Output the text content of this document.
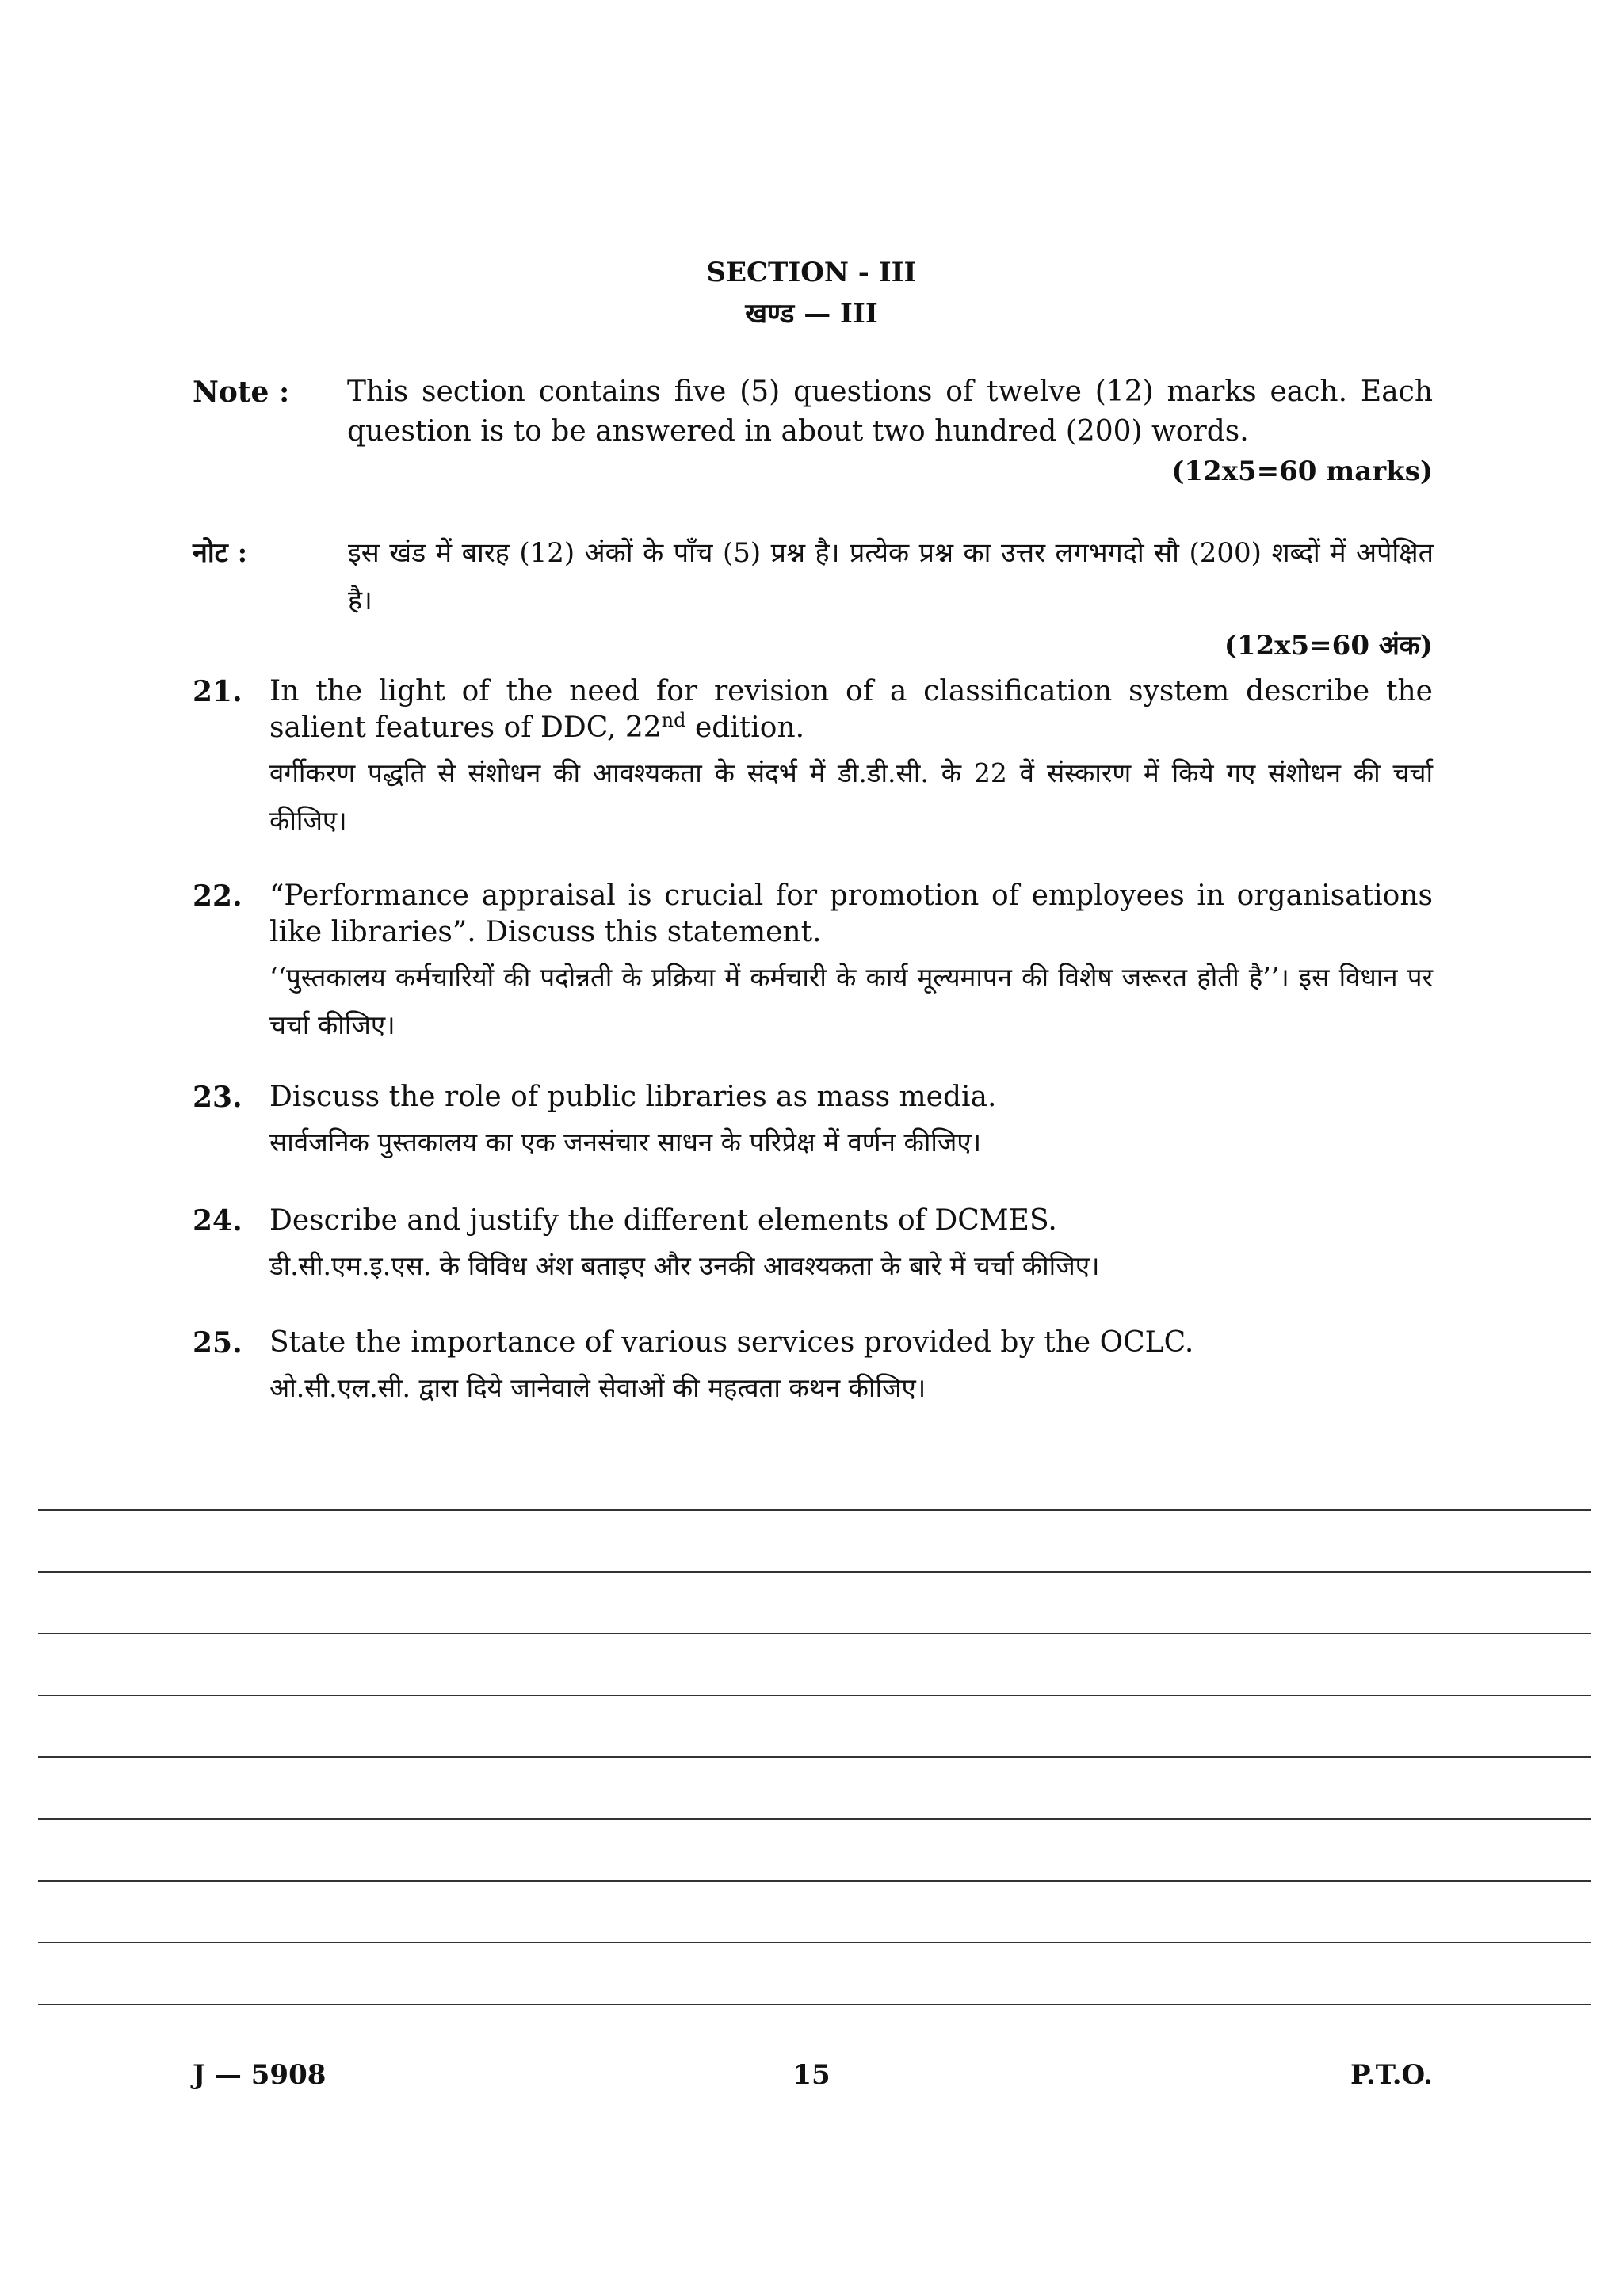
SECTION - III
खण्ड — III
Note : This section contains five (5) questions of twelve (12) marks each. Each question is to be answered in about two hundred (200) words.
(12x5=60 marks)
नोट :	इस खंड में बारह (12) अंकों के पाँच (5) प्रश्न है। प्रत्येक प्रश्न का उत्तर लगभगदो सौ (200) शब्दों में अपेक्षित है।
(12x5=60 अंक)
21. In the light of the need for revision of a classification system describe the salient features of DDC, 22nd edition.
वर्गीकरण पद्धति से संशोधन की आवश्यकता के संदर्भ में डी.डी.सी. के 22 वें संस्कारण में किये गए संशोधन की चर्चा कीजिए।
22. “Performance appraisal is crucial for promotion of employees in organisations like libraries”. Discuss this statement.
‘‘पुस्तकालय कर्मचारियों की पदोन्नती के प्रक्रिया में कर्मचारी के कार्य मूल्यमापन की विशेष जरूरत होती है’’। इस विधान पर चर्चा कीजिए।
23. Discuss the role of public libraries as mass media.
सार्वजनिक पुस्तकालय का एक जनसंचार साधन के परिप्रेक्ष में वर्णन कीजिए।
24. Describe and justify the different elements of DCMES.
डी.सी.एम.इ.एस. के विविध अंश बताइए और उनकी आवश्यकता के बारे में चर्चा कीजिए।
25. State the importance of various services provided by the OCLC.
ओ.सी.एल.सी. द्वारा दिये जानेवाले सेवाओं की महत्वता कथन कीजिए।
J — 5908	15	P.T.O.
